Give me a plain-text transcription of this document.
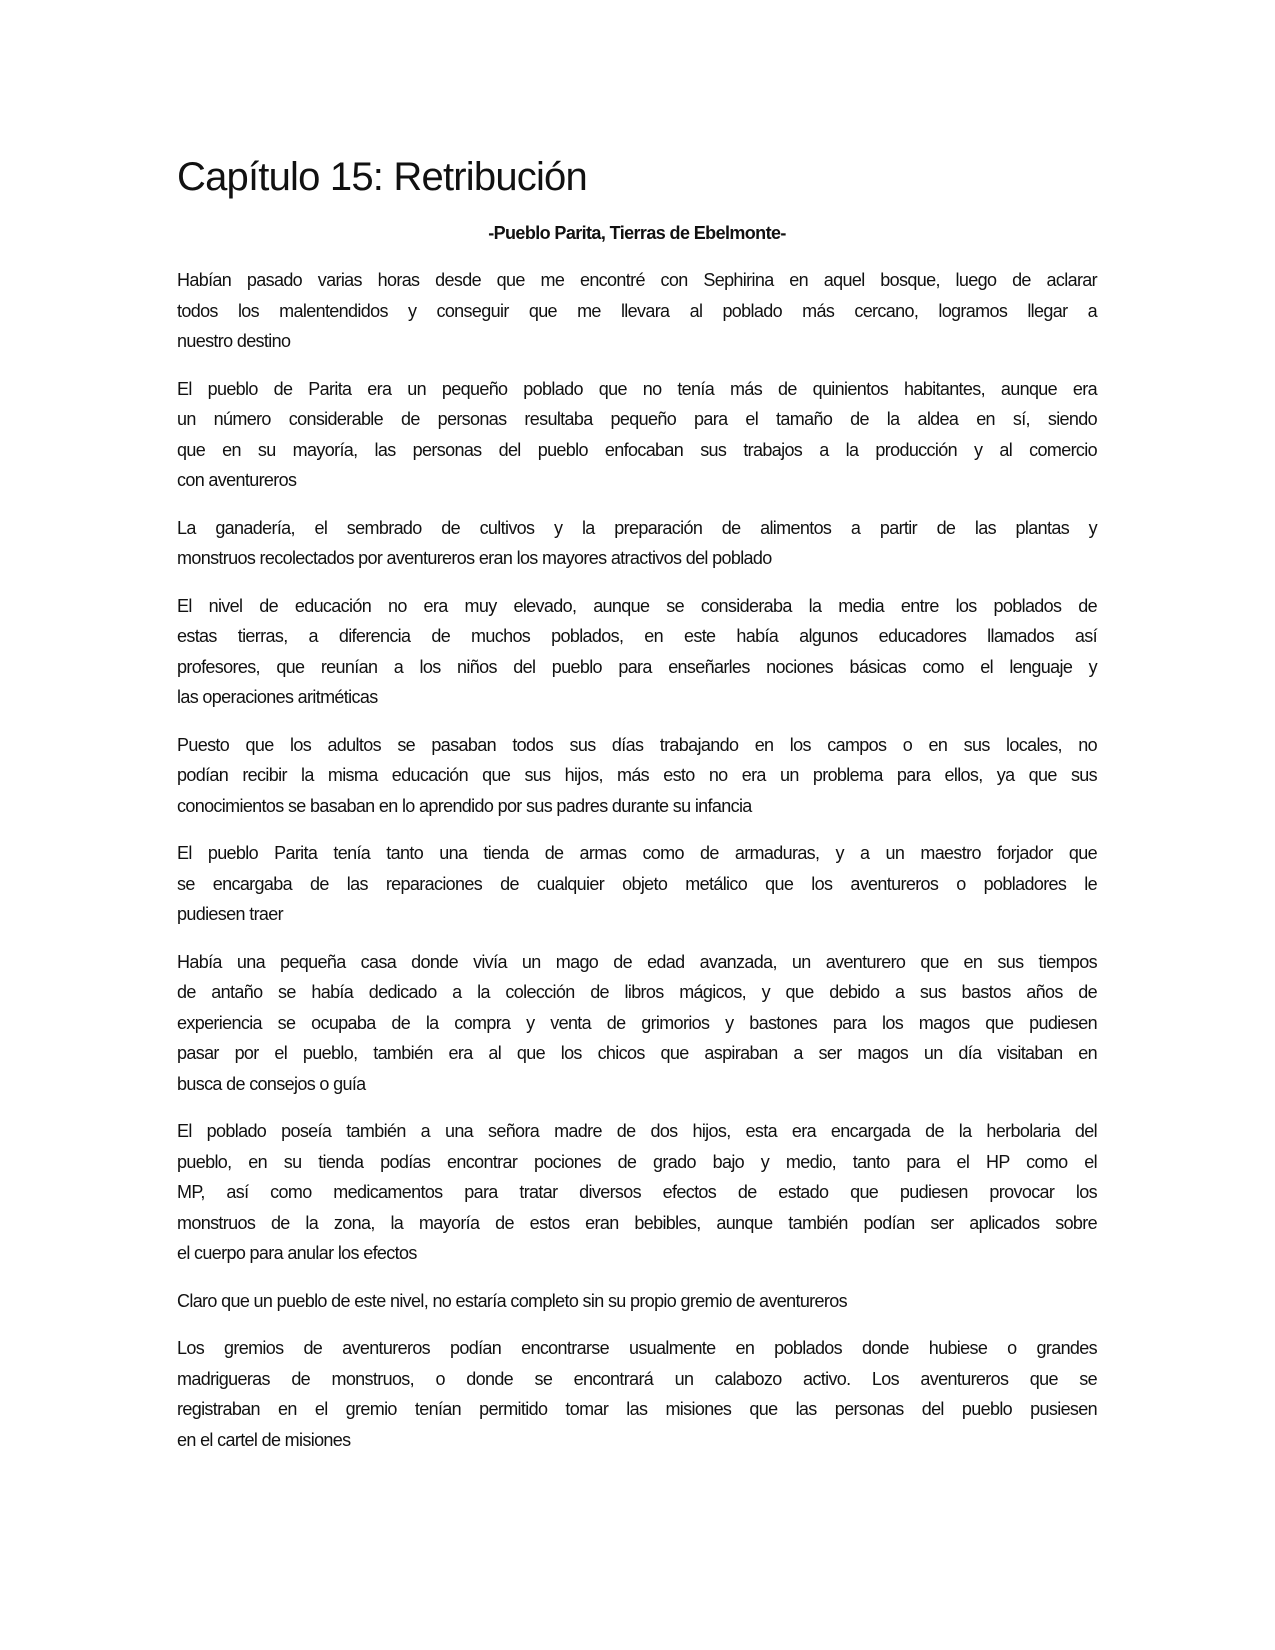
Capítulo 15: Retribución
-Pueblo Parita, Tierras de Ebelmonte-
Habían pasado varias horas desde que me encontré con Sephirina en aquel bosque, luego de aclarar
todos los malentendidos y conseguir que me llevara al poblado más cercano, logramos llegar a
nuestro destino
El pueblo de Parita era un pequeño poblado que no tenía más de quinientos habitantes, aunque era
un número considerable de personas resultaba pequeño para el tamaño de la aldea en sí, siendo
que en su mayoría, las personas del pueblo enfocaban sus trabajos a la producción y al comercio
con aventureros
La ganadería, el sembrado de cultivos y la preparación de alimentos a partir de las plantas y
monstruos recolectados por aventureros eran los mayores atractivos del poblado
El nivel de educación no era muy elevado, aunque se consideraba la media entre los poblados de
estas tierras, a diferencia de muchos poblados, en este había algunos educadores llamados así
profesores, que reunían a los niños del pueblo para enseñarles nociones básicas como el lenguaje y
las operaciones aritméticas
Puesto que los adultos se pasaban todos sus días trabajando en los campos o en sus locales, no
podían recibir la misma educación que sus hijos, más esto no era un problema para ellos, ya que sus
conocimientos se basaban en lo aprendido por sus padres durante su infancia
El pueblo Parita tenía tanto una tienda de armas como de armaduras, y a un maestro forjador que
se encargaba de las reparaciones de cualquier objeto metálico que los aventureros o pobladores le
pudiesen traer
Había una pequeña casa donde vivía un mago de edad avanzada, un aventurero que en sus tiempos
de antaño se había dedicado a la colección de libros mágicos, y que debido a sus bastos años de
experiencia se ocupaba de la compra y venta de grimorios y bastones para los magos que pudiesen
pasar por el pueblo, también era al que los chicos que aspiraban a ser magos un día visitaban en
busca de consejos o guía
El poblado poseía también a una señora madre de dos hijos, esta era encargada de la herbolaria del
pueblo, en su tienda podías encontrar pociones de grado bajo y medio, tanto para el HP como el
MP, así como medicamentos para tratar diversos efectos de estado que pudiesen provocar los
monstruos de la zona, la mayoría de estos eran bebibles, aunque también podían ser aplicados sobre
el cuerpo para anular los efectos
Claro que un pueblo de este nivel, no estaría completo sin su propio gremio de aventureros
Los gremios de aventureros podían encontrarse usualmente en poblados donde hubiese o grandes
madrigueras de monstruos, o donde se encontrará un calabozo activo. Los aventureros que se
registraban en el gremio tenían permitido tomar las misiones que las personas del pueblo pusiesen
en el cartel de misiones
